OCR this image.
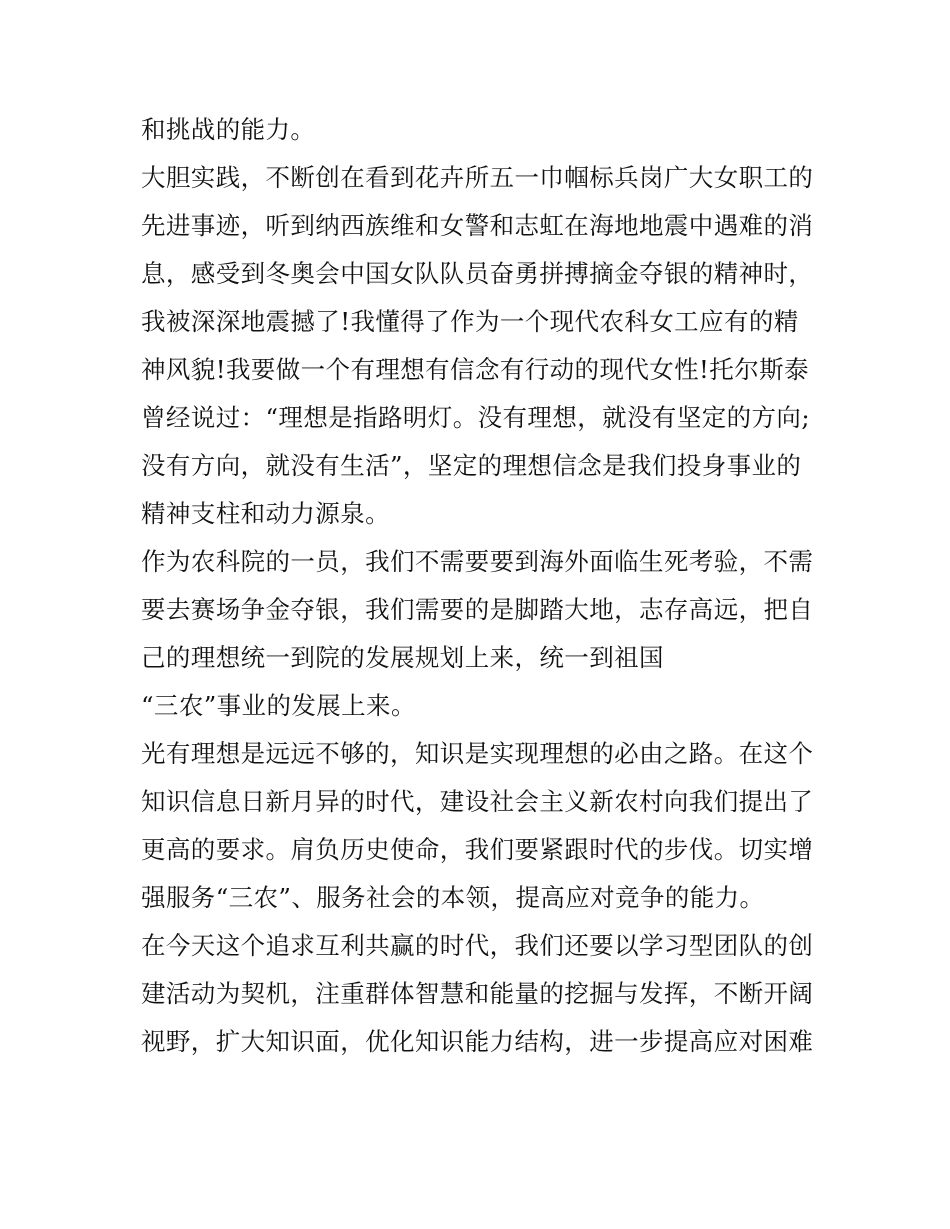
和挑战的能力。
大胆实践，不断创在看到花卉所五一巾帼标兵岗广大女职工的
先进事迹，听到纳西族维和女警和志虹在海地地震中遇难的消
息，感受到冬奥会中国女队队员奋勇拼搏摘金夺银的精神时，
我被深深地震撼了!我懂得了作为一个现代农科女工应有的精
神风貌!我要做一个有理想有信念有行动的现代女性!托尔斯泰
曾经说过：“理想是指路明灯。没有理想，就没有坚定的方向;
没有方向，就没有生活”，坚定的理想信念是我们投身事业的
精神支柱和动力源泉。
作为农科院的一员，我们不需要要到海外面临生死考验，不需
要去赛场争金夺银，我们需要的是脚踏大地，志存高远，把自
己的理想统一到院的发展规划上来，统一到祖国
“三农”事业的发展上来。
光有理想是远远不够的，知识是实现理想的必由之路。在这个
知识信息日新月异的时代，建设社会主义新农村向我们提出了
更高的要求。肩负历史使命，我们要紧跟时代的步伐。切实增
强服务“三农”、服务社会的本领，提高应对竞争的能力。
在今天这个追求互利共赢的时代，我们还要以学习型团队的创
建活动为契机，注重群体智慧和能量的挖掘与发挥，不断开阔
视野，扩大知识面，优化知识能力结构，进一步提高应对困难
